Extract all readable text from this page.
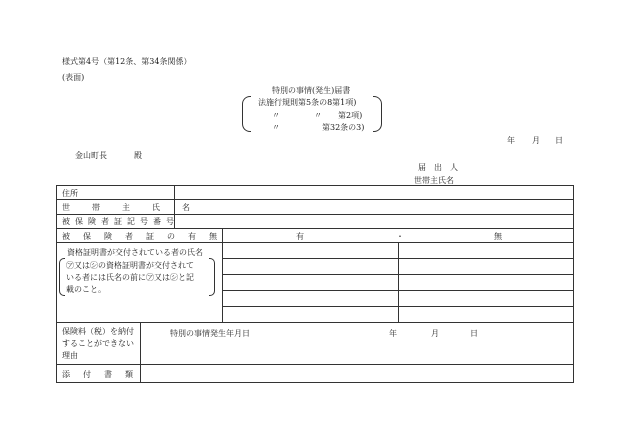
様式第4号（第12条、第34条関係）
(表面)
特別の事情(発生)届書
法施行規則第5条の8第1項)
〃	〃 第2項)
〃	第32条の3)
年 月 日
金山町長	殿
届　出　人
世帯主氏名
住所
世帯主氏名
被保険者証記号番号
被保険者証の有無	有	・	無
資格証明書が交付されている者の氏名
㋐又は㋛の資格証明書が交付されて
いる者には氏名の前に㋐又は㋛と記
載のこと。
保険料（税）を納付
することができない
理由
特別の事情発生年月日	年	月	日
添付書類
